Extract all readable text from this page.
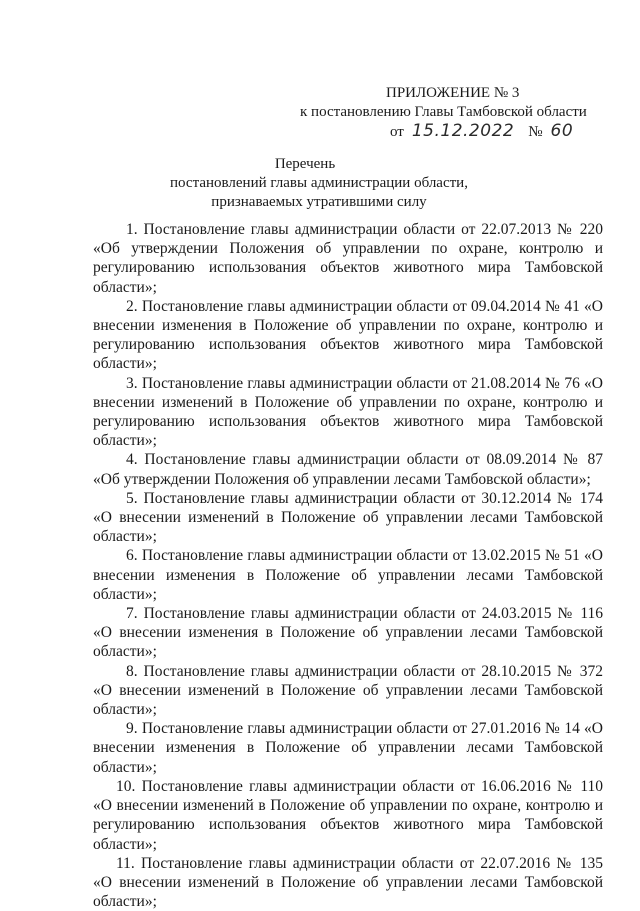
ПРИЛОЖЕНИЕ № 3
к постановлению Главы Тамбовской области
от 15.12.2022 № 60
Перечень
постановлений главы администрации области,
признаваемых утратившими силу

1. Постановление главы администрации области от 22.07.2013 № 220 «Об утверждении Положения об управлении по охране, контролю и регулированию использования объектов животного мира Тамбовской области»;

2. Постановление главы администрации области от 09.04.2014 № 41 «О внесении изменения в Положение об управлении по охране, контролю и регулированию использования объектов животного мира Тамбовской области»;

3. Постановление главы администрации области от 21.08.2014 № 76 «О внесении изменений в Положение об управлении по охране, контролю и регулированию использования объектов животного мира Тамбовской области»;

4. Постановление главы администрации области от 08.09.2014 № 87 «Об утверждении Положения об управлении лесами Тамбовской области»;

5. Постановление главы администрации области от 30.12.2014 № 174 «О внесении изменений в Положение об управлении лесами Тамбовской области»;

6. Постановление главы администрации области от 13.02.2015 № 51 «О внесении изменения в Положение об управлении лесами Тамбовской области»;

7. Постановление главы администрации области от 24.03.2015 № 116 «О внесении изменения в Положение об управлении лесами Тамбовской области»;

8. Постановление главы администрации области от 28.10.2015 № 372 «О внесении изменений в Положение об управлении лесами Тамбовской области»;

9. Постановление главы администрации области от 27.01.2016 № 14 «О внесении изменения в Положение об управлении лесами Тамбовской области»;

10. Постановление главы администрации области от 16.06.2016 № 110 «О внесении изменений в Положение об управлении по охране, контролю и регулированию использования объектов животного мира Тамбовской области»;

11. Постановление главы администрации области от 22.07.2016 № 135 «О внесении изменений в Положение об управлении лесами Тамбовской области»;
